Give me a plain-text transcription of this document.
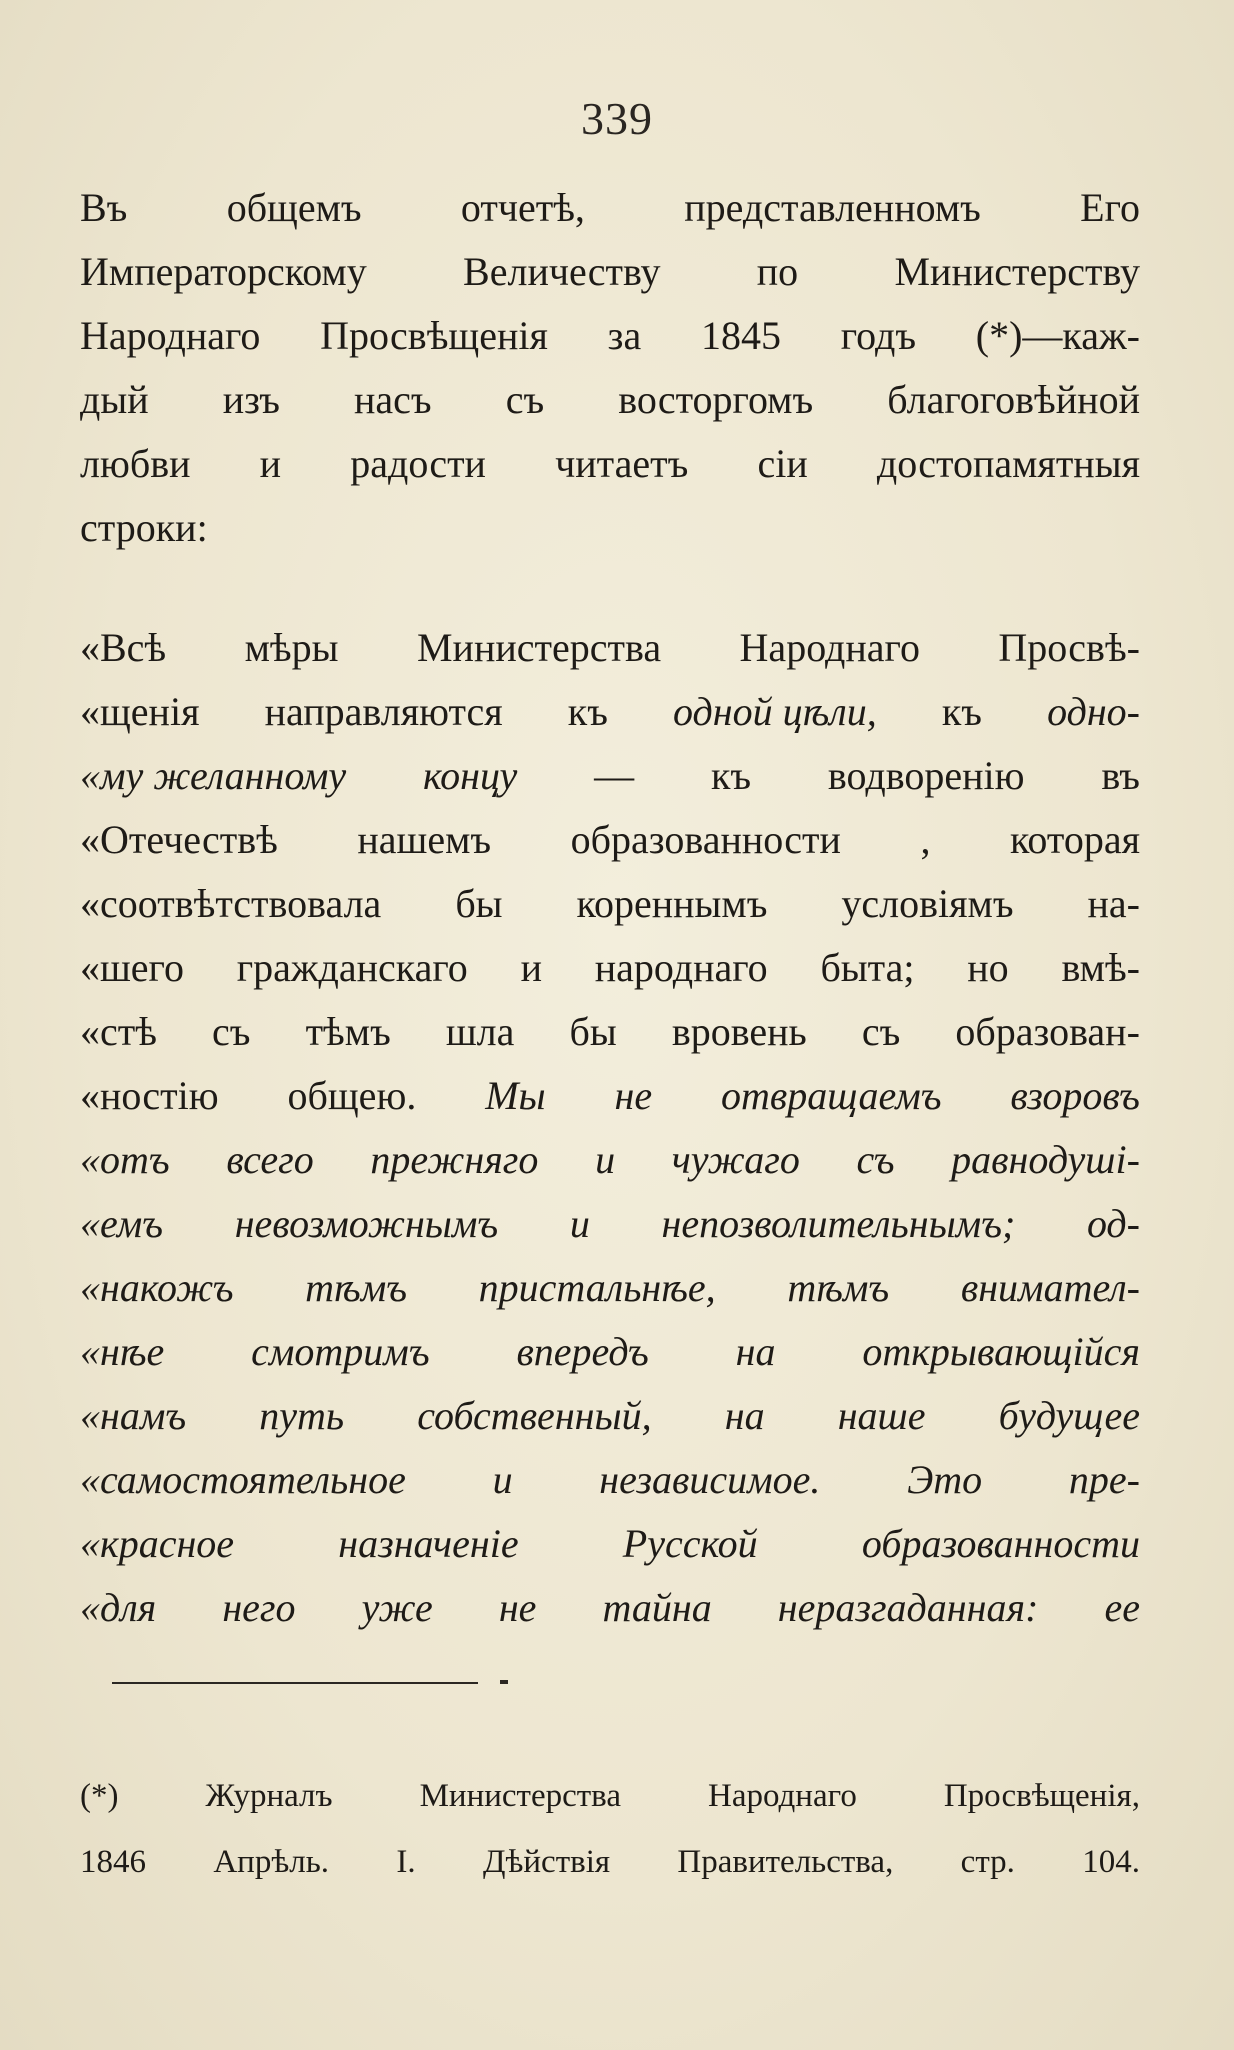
339
Въ общемъ отчетѣ, представленномъ Его
Императорскому Величеству по Министерству
Народнаго Просвѣщенія за 1845 годъ (*)—каж-
дый изъ насъ съ восторгомъ благоговѣйной
любви и радости читаетъ сіи достопамятныя
строки:
«Всѣ мѣры Министерства Народнаго Просвѣ-
«щенія направляются къ одной цѣли, къ одно-
«му желанному концу — къ водворенію въ
«Отечествѣ нашемъ образованности , которая
«соотвѣтствовала бы кореннымъ условіямъ на-
«шего гражданскаго и народнаго быта; но вмѣ-
«стѣ съ тѣмъ шла бы вровень съ образован-
«ностію общею. Мы не отвращаемъ взоровъ
«отъ всего прежняго и чужаго съ равнодуші-
«емъ невозможнымъ и непозволительнымъ; од-
«накожъ тѣмъ пристальнѣе, тѣмъ внимател-
«нѣе смотримъ впередъ на открывающійся
«намъ путь собственный, на наше будущее
«самостоятельное и независимое. Это пре-
«красное	назначеніе	Русской	образованности
«для него уже не тайна неразгаданная: ее
(*)	Журналъ	Министерства	Народнаго	Просвѣщенія,
1846 Апрѣль. I. Дѣйствія Правительства, стр. 104.
